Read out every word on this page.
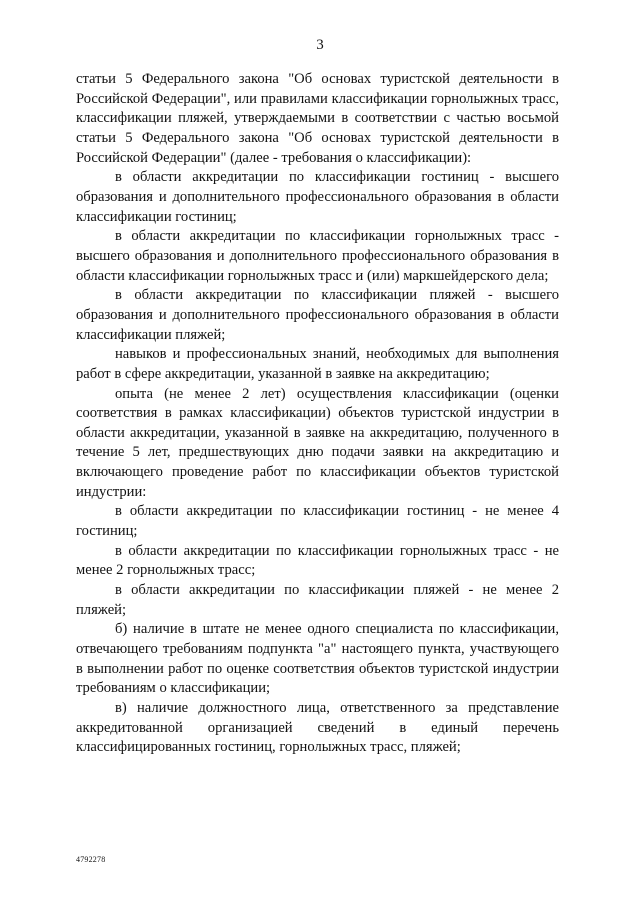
3

статьи 5 Федерального закона "Об основах туристской деятельности в Российской Федерации", или правилами классификации горнолыжных трасс, классификации пляжей, утверждаемыми в соответствии с частью восьмой статьи 5 Федерального закона "Об основах туристской деятельности в Российской Федерации" (далее - требования о классификации):

в области аккредитации по классификации гостиниц - высшего образования и дополнительного профессионального образования в области классификации гостиниц;

в области аккредитации по классификации горнолыжных трасс - высшего образования и дополнительного профессионального образования в области классификации горнолыжных трасс и (или) маркшейдерского дела;

в области аккредитации по классификации пляжей - высшего образования и дополнительного профессионального образования в области классификации пляжей;

навыков и профессиональных знаний, необходимых для выполнения работ в сфере аккредитации, указанной в заявке на аккредитацию;

опыта (не менее 2 лет) осуществления классификации (оценки соответствия в рамках классификации) объектов туристской индустрии в области аккредитации, указанной в заявке на аккредитацию, полученного в течение 5 лет, предшествующих дню подачи заявки на аккредитацию и включающего проведение работ по классификации объектов туристской индустрии:

в области аккредитации по классификации гостиниц - не менее 4 гостиниц;

в области аккредитации по классификации горнолыжных трасс - не менее 2 горнолыжных трасс;

в области аккредитации по классификации пляжей - не менее 2 пляжей;

б) наличие в штате не менее одного специалиста по классификации, отвечающего требованиям подпункта "а" настоящего пункта, участвующего в выполнении работ по оценке соответствия объектов туристской индустрии требованиям о классификации;

в) наличие должностного лица, ответственного за представление аккредитованной организацией сведений в единый перечень классифицированных гостиниц, горнолыжных трасс, пляжей;

4792278
